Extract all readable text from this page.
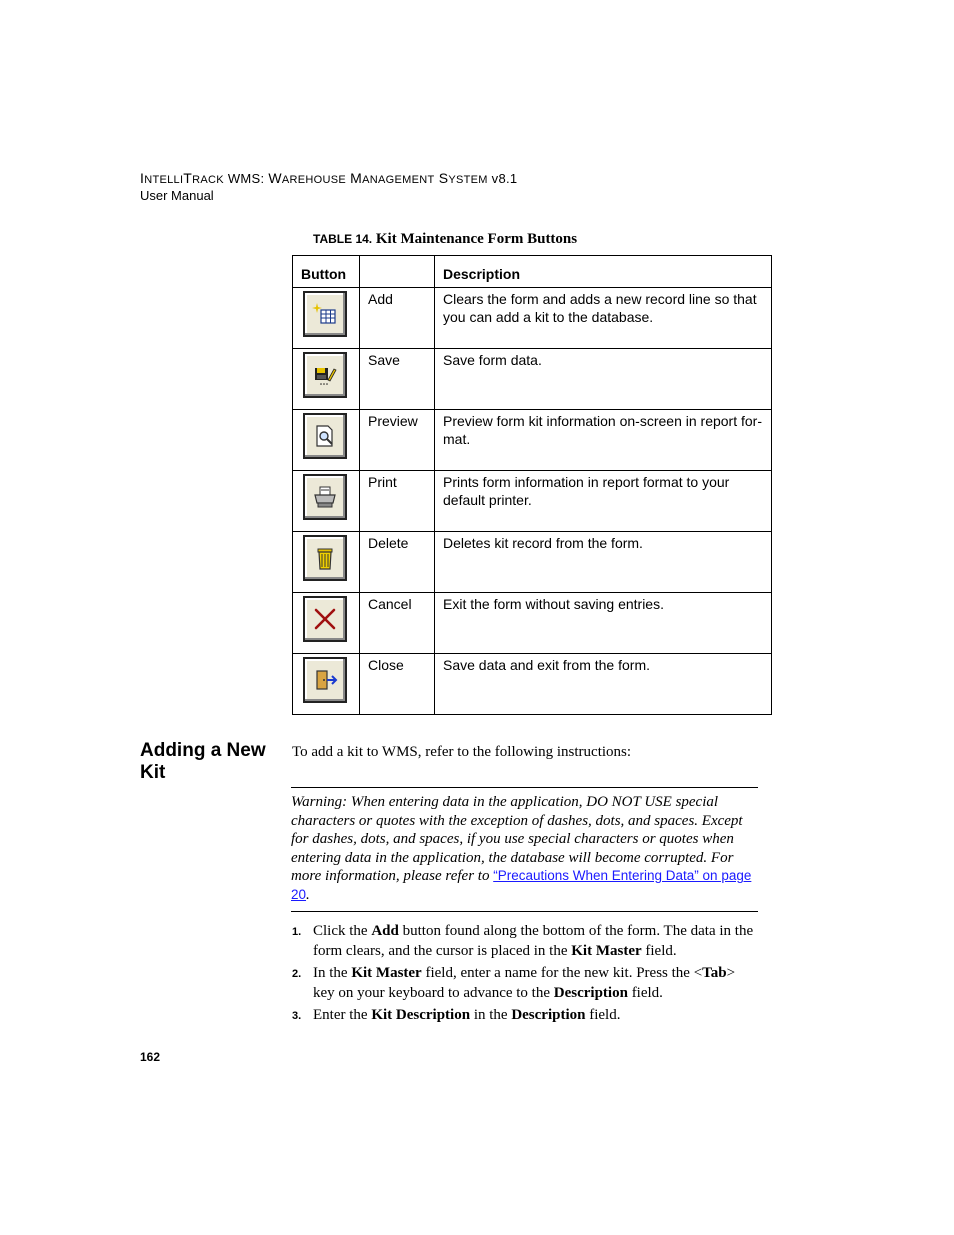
INTELLITRACK WMS: WAREHOUSE MANAGEMENT SYSTEM v8.1
User Manual
TABLE 14. Kit Maintenance Form Buttons
Button		Description

	Add	Clears the form and adds a new record line so that you can add a kit to the database.

	Save	Save form data.

	Preview	Preview form kit information on-screen in report for-mat.

	Print	Prints form information in report format to your default printer.

	Delete	Deletes kit record from the form.

	Cancel	Exit the form without saving entries.

	Close	Save data and exit from the form.
Adding a New Kit
To add a kit to WMS, refer to the following instructions:
Warning: When entering data in the application, DO NOT USE special characters or quotes with the exception of dashes, dots, and spaces. Except for dashes, dots, and spaces, if you use special characters or quotes when entering data in the application, the database will become corrupted. For more information, please refer to “Precautions When Entering Data” on page 20.
1. Click the Add button found along the bottom of the form. The data in the form clears, and the cursor is placed in the Kit Master field.
2. In the Kit Master field, enter a name for the new kit. Press the <Tab> key on your keyboard to advance to the Description field.
3. Enter the Kit Description in the Description field.
162
